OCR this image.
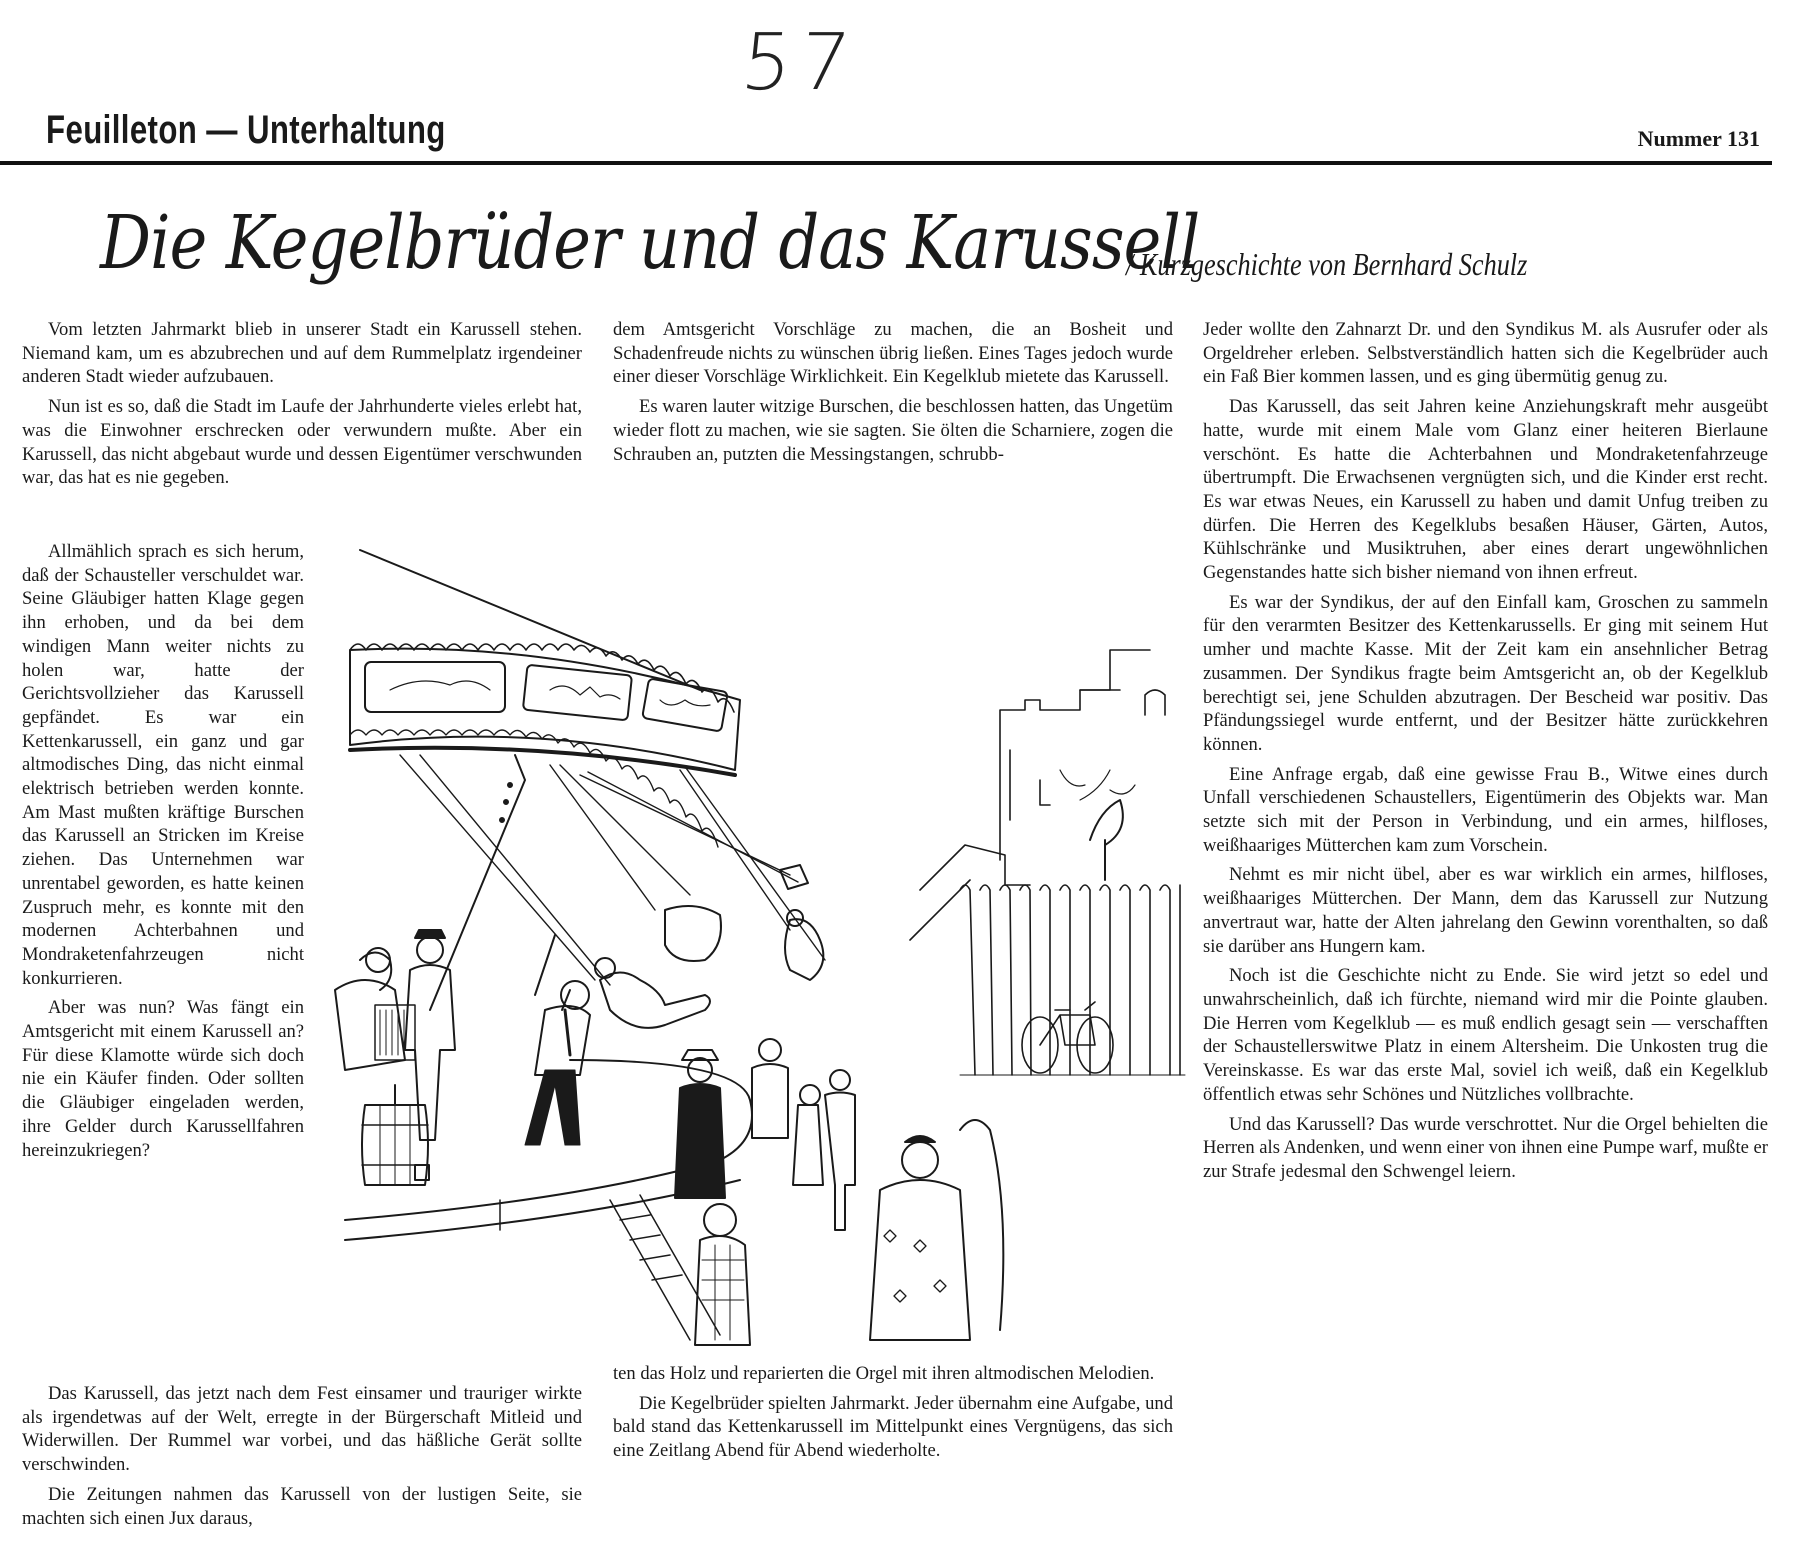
57
Feuilleton — Unterhaltung	Nummer 131
Die Kegelbrüder und das Karussell
/ Kurzgeschichte von Bernhard Schulz

Vom letzten Jahrmarkt blieb in unserer Stadt ein Karussell stehen. Niemand kam, um es abzubrechen und auf dem Rummelplatz irgendeiner anderen Stadt wieder aufzubauen.

Nun ist es so, daß die Stadt im Laufe der Jahrhunderte vieles erlebt hat, was die Einwohner erschrecken oder verwundern mußte. Aber ein Karussell, das nicht abgebaut wurde und dessen Eigentümer verschwunden war, das hat es nie gegeben.

Allmählich sprach es sich herum, daß der Schausteller verschuldet war. Seine Gläubiger hatten Klage gegen ihn erhoben, und da bei dem windigen Mann weiter nichts zu holen war, hatte der Gerichtsvollzieher das Karussell gepfändet. Es war ein Kettenkarussell, ein ganz und gar altmodisches Ding, das nicht einmal elektrisch betrieben werden konnte. Am Mast mußten kräftige Burschen das Karussell an Stricken im Kreise ziehen. Das Unternehmen war unrentabel geworden, es hatte keinen Zuspruch mehr, es konnte mit den modernen Achterbahnen und Mondraketenfahrzeugen nicht konkurrieren.

Aber was nun? Was fängt ein Amtsgericht mit einem Karussell an? Für diese Klamotte würde sich doch nie ein Käufer finden. Oder sollten die Gläubiger eingeladen werden, ihre Gelder durch Karussellfahren hereinzukriegen?

Das Karussell, das jetzt nach dem Fest einsamer und trauriger wirkte als irgendetwas auf der Welt, erregte in der Bürgerschaft Mitleid und Widerwillen. Der Rummel war vorbei, und das häßliche Gerät sollte verschwinden.

Die Zeitungen nahmen das Karussell von der lustigen Seite, sie machten sich einen Jux daraus,

dem Amtsgericht Vorschläge zu machen, die an Bosheit und Schadenfreude nichts zu wünschen übrig ließen. Eines Tages jedoch wurde einer dieser Vorschläge Wirklichkeit. Ein Kegelklub mietete das Karussell.

Es waren lauter witzige Burschen, die beschlossen hatten, das Ungetüm wieder flott zu machen, wie sie sagten. Sie ölten die Scharniere, zogen die Schrauben an, putzten die Messingstangen, schrubb-

ten das Holz und reparierten die Orgel mit ihren altmodischen Melodien.

Die Kegelbrüder spielten Jahrmarkt. Jeder übernahm eine Aufgabe, und bald stand das Kettenkarussell im Mittelpunkt eines Vergnügens, das sich eine Zeitlang Abend für Abend wiederholte.

Jeder wollte den Zahnarzt Dr. und den Syndikus M. als Ausrufer oder als Orgeldreher erleben. Selbstverständlich hatten sich die Kegelbrüder auch ein Faß Bier kommen lassen, und es ging übermütig genug zu.

Das Karussell, das seit Jahren keine Anziehungskraft mehr ausgeübt hatte, wurde mit einem Male vom Glanz einer heiteren Bierlaune verschönt. Es hatte die Achterbahnen und Mondraketenfahrzeuge übertrumpft. Die Erwachsenen vergnügten sich, und die Kinder erst recht. Es war etwas Neues, ein Karussell zu haben und damit Unfug treiben zu dürfen. Die Herren des Kegelklubs besaßen Häuser, Gärten, Autos, Kühlschränke und Musiktruhen, aber eines derart ungewöhnlichen Gegenstandes hatte sich bisher niemand von ihnen erfreut.

Es war der Syndikus, der auf den Einfall kam, Groschen zu sammeln für den verarmten Besitzer des Kettenkarussells. Er ging mit seinem Hut umher und machte Kasse. Mit der Zeit kam ein ansehnlicher Betrag zusammen. Der Syndikus fragte beim Amtsgericht an, ob der Kegelklub berechtigt sei, jene Schulden abzutragen. Der Bescheid war positiv. Das Pfändungssiegel wurde entfernt, und der Besitzer hätte zurückkehren können.

Eine Anfrage ergab, daß eine gewisse Frau B., Witwe eines durch Unfall verschiedenen Schaustellers, Eigentümerin des Objekts war. Man setzte sich mit der Person in Verbindung, und ein armes, hilfloses, weißhaariges Mütterchen kam zum Vorschein.

Nehmt es mir nicht übel, aber es war wirklich ein armes, hilfloses, weißhaariges Mütterchen. Der Mann, dem das Karussell zur Nutzung anvertraut war, hatte der Alten jahrelang den Gewinn vorenthalten, so daß sie darüber ans Hungern kam.

Noch ist die Geschichte nicht zu Ende. Sie wird jetzt so edel und unwahrscheinlich, daß ich fürchte, niemand wird mir die Pointe glauben. Die Herren vom Kegelklub — es muß endlich gesagt sein — verschafften der Schaustellerswitwe Platz in einem Altersheim. Die Unkosten trug die Vereinskasse. Es war das erste Mal, soviel ich weiß, daß ein Kegelklub öffentlich etwas sehr Schönes und Nützliches vollbrachte.

Und das Karussell? Das wurde verschrottet. Nur die Orgel behielten die Herren als Andenken, und wenn einer von ihnen eine Pumpe warf, mußte er zur Strafe jedesmal den Schwengel leiern.
